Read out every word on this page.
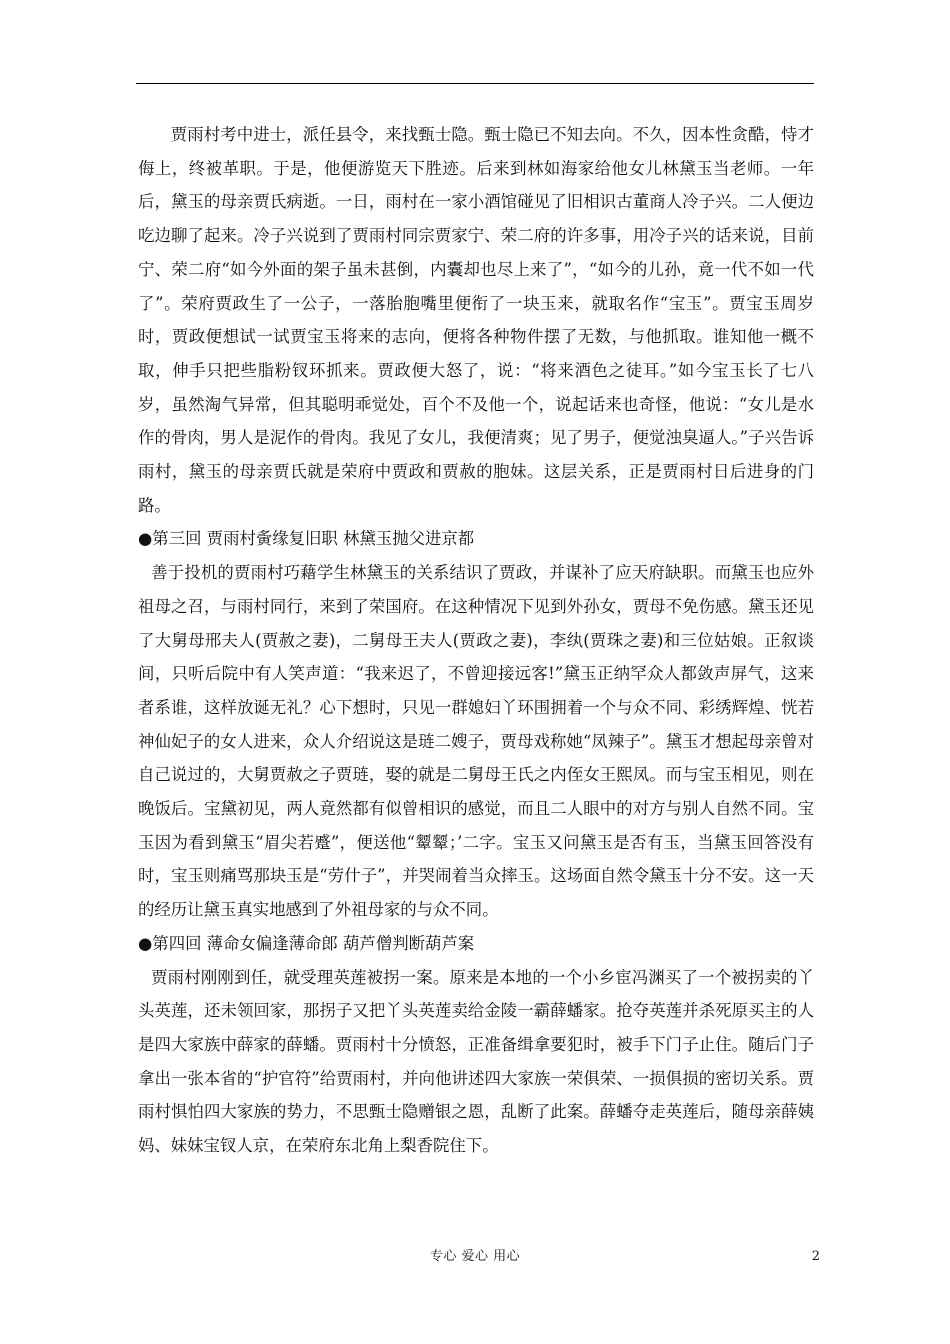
贾雨村考中进士，派任县令，来找甄士隐。甄士隐已不知去向。不久，因本性贪酷，恃才侮上，终被革职。于是，他便游览天下胜迹。后来到林如海家给他女儿林黛玉当老师。一年后，黛玉的母亲贾氏病逝。一日，雨村在一家小酒馆碰见了旧相识古董商人冷子兴。二人便边吃边聊了起来。冷子兴说到了贾雨村同宗贾家宁、荣二府的许多事，用冷子兴的话来说，目前宁、荣二府“如今外面的架子虽未甚倒，内囊却也尽上来了”，“如今的儿孙，竟一代不如一代了”。荣府贾政生了一公子，一落胎胞嘴里便衔了一块玉来，就取名作“宝玉”。贾宝玉周岁时，贾政便想试一试贾宝玉将来的志向，便将各种物件摆了无数，与他抓取。谁知他一概不取，伸手只把些脂粉钗环抓来。贾政便大怒了，说：“将来酒色之徒耳。”如今宝玉长了七八岁，虽然淘气异常，但其聪明乖觉处，百个不及他一个，说起话来也奇怪，他说：“女儿是水作的骨肉，男人是泥作的骨肉。我见了女儿，我便清爽；见了男子，便觉浊臭逼人。”子兴告诉雨村，黛玉的母亲贾氏就是荣府中贾政和贾赦的胞妹。这层关系，正是贾雨村日后进身的门路。

●第三回 贾雨村夤缘复旧职 林黛玉抛父进京都

善于投机的贾雨村巧藉学生林黛玉的关系结识了贾政，并谋补了应天府缺职。而黛玉也应外祖母之召，与雨村同行，来到了荣国府。在这种情况下见到外孙女，贾母不免伤感。黛玉还见了大舅母邢夫人(贾赦之妻)，二舅母王夫人(贾政之妻)，李纨(贾珠之妻)和三位姑娘。正叙谈间，只听后院中有人笑声道：“我来迟了，不曾迎接远客!”黛玉正纳罕众人都敛声屏气，这来者系谁，这样放诞无礼？心下想时，只见一群媳妇丫环围拥着一个与众不同、彩绣辉煌、恍若神仙妃子的女人进来，众人介绍说这是琏二嫂子，贾母戏称她“凤辣子”。黛玉才想起母亲曾对自己说过的，大舅贾赦之子贾琏，娶的就是二舅母王氏之内侄女王熙凤。而与宝玉相见，则在晚饭后。宝黛初见，两人竟然都有似曾相识的感觉，而且二人眼中的对方与别人自然不同。宝玉因为看到黛玉“眉尖若蹙”，便送他“颦颦；’二字。宝玉又问黛玉是否有玉，当黛玉回答没有时，宝玉则痛骂那块玉是“劳什子”，并哭闹着当众摔玉。这场面自然令黛玉十分不安。这一天的经历让黛玉真实地感到了外祖母家的与众不同。

●第四回 薄命女偏逢薄命郎 葫芦僧判断葫芦案

贾雨村刚刚到任，就受理英莲被拐一案。原来是本地的一个小乡宦冯渊买了一个被拐卖的丫头英莲，还未领回家，那拐子又把丫头英莲卖给金陵一霸薛蟠家。抢夺英莲并杀死原买主的人是四大家族中薛家的薛蟠。贾雨村十分愤怒，正准备缉拿要犯时，被手下门子止住。随后门子拿出一张本省的“护官符”给贾雨村，并向他讲述四大家族一荣俱荣、一损俱损的密切关系。贾雨村惧怕四大家族的势力，不思甄士隐赠银之恩，乱断了此案。薛蟠夺走英莲后，随母亲薛姨妈、妹妹宝钗人京，在荣府东北角上梨香院住下。

专心 爱心 用心	2
